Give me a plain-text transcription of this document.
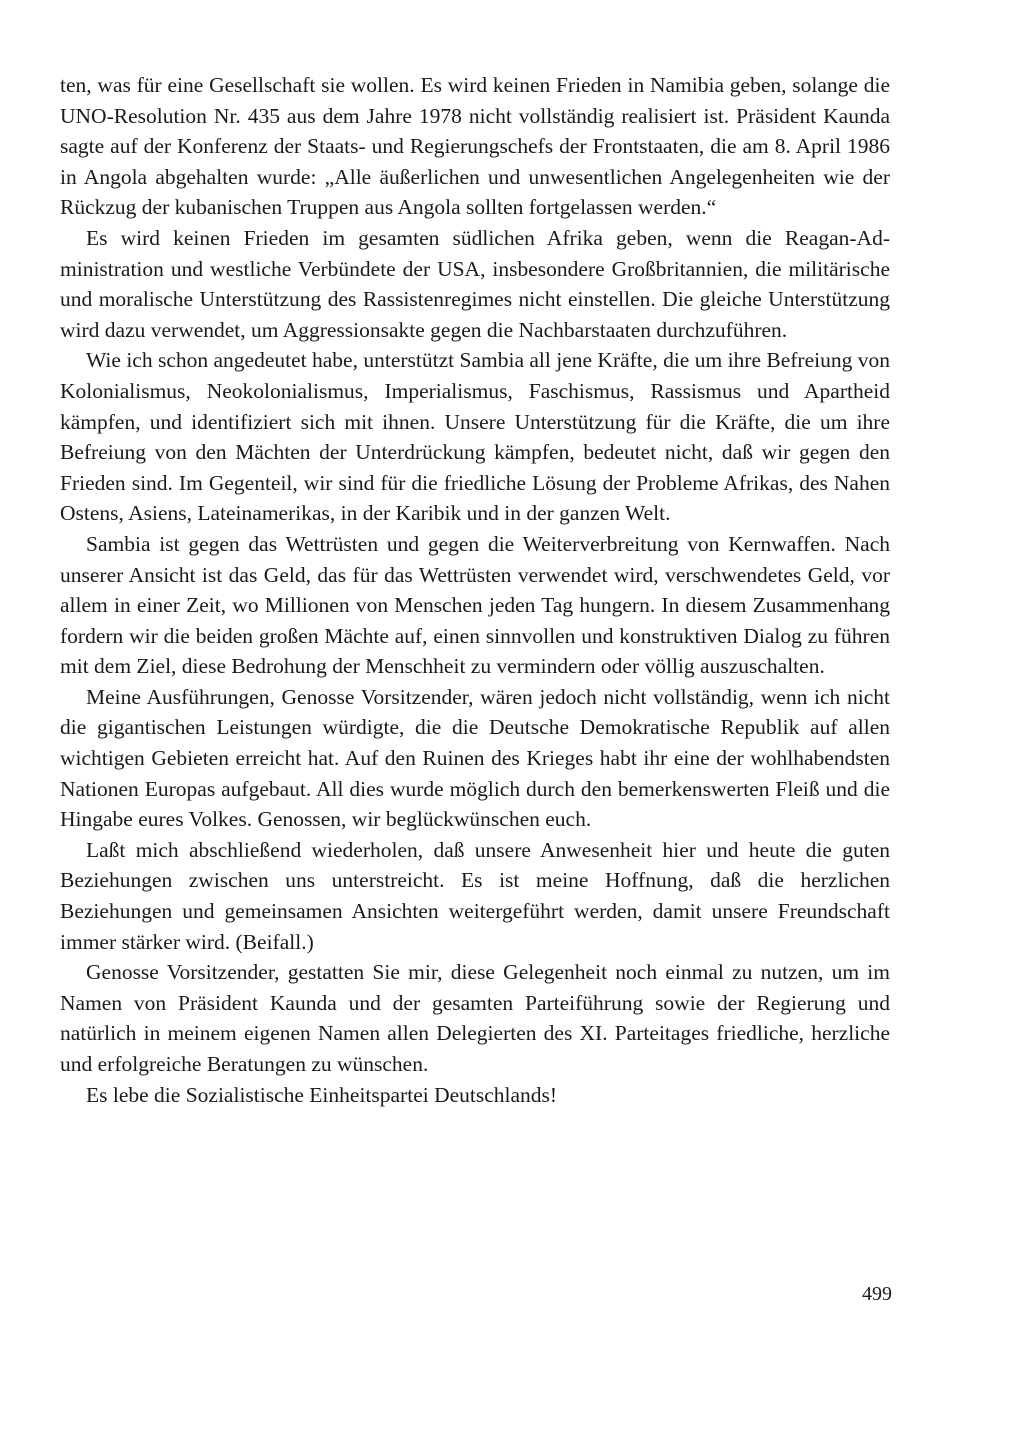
ten, was für eine Gesellschaft sie wollen. Es wird keinen Frieden in Namibia geben, solange die UNO-Resolution Nr. 435 aus dem Jahre 1978 nicht vollständig realisiert ist. Präsident Kaunda sagte auf der Konferenz der Staats- und Regierungschefs der Frontstaaten, die am 8. April 1986 in Angola abgehalten wurde: „Alle äußerlichen und unwesentlichen Angelegenheiten wie der Rückzug der kubanischen Truppen aus Angola sollten fortgelassen werden.“

Es wird keinen Frieden im gesamten südlichen Afrika geben, wenn die Reagan-Administration und westliche Verbündete der USA, insbesondere Großbritannien, die militärische und moralische Unterstützung des Rassistenregimes nicht einstellen. Die gleiche Unterstützung wird dazu verwendet, um Aggressionsakte gegen die Nachbarstaaten durchzuführen.

Wie ich schon angedeutet habe, unterstützt Sambia all jene Kräfte, die um ihre Befreiung von Kolonialismus, Neokolonialismus, Imperialismus, Faschismus, Rassismus und Apartheid kämpfen, und identifiziert sich mit ihnen. Unsere Unterstützung für die Kräfte, die um ihre Befreiung von den Mächten der Unterdrückung kämpfen, bedeutet nicht, daß wir gegen den Frieden sind. Im Gegenteil, wir sind für die friedliche Lösung der Probleme Afrikas, des Nahen Ostens, Asiens, Lateinamerikas, in der Karibik und in der ganzen Welt.

Sambia ist gegen das Wettrüsten und gegen die Weiterverbreitung von Kernwaffen. Nach unserer Ansicht ist das Geld, das für das Wettrüsten verwendet wird, verschwendetes Geld, vor allem in einer Zeit, wo Millionen von Menschen jeden Tag hungern. In diesem Zusammenhang fordern wir die beiden großen Mächte auf, einen sinnvollen und konstruktiven Dialog zu führen mit dem Ziel, diese Bedrohung der Menschheit zu vermindern oder völlig auszuschalten.

Meine Ausführungen, Genosse Vorsitzender, wären jedoch nicht vollständig, wenn ich nicht die gigantischen Leistungen würdigte, die die Deutsche Demokratische Republik auf allen wichtigen Gebieten erreicht hat. Auf den Ruinen des Krieges habt ihr eine der wohlhabendsten Nationen Europas aufgebaut. All dies wurde möglich durch den bemerkenswerten Fleiß und die Hingabe eures Volkes. Genossen, wir beglückwünschen euch.

Laßt mich abschließend wiederholen, daß unsere Anwesenheit hier und heute die guten Beziehungen zwischen uns unterstreicht. Es ist meine Hoffnung, daß die herzlichen Beziehungen und gemeinsamen Ansichten weitergeführt werden, damit unsere Freundschaft immer stärker wird. (Beifall.)

Genosse Vorsitzender, gestatten Sie mir, diese Gelegenheit noch einmal zu nutzen, um im Namen von Präsident Kaunda und der gesamten Parteiführung sowie der Regierung und natürlich in meinem eigenen Namen allen Delegierten des XI. Parteitages friedliche, herzliche und erfolgreiche Beratungen zu wünschen.

Es lebe die Sozialistische Einheitspartei Deutschlands!

499
